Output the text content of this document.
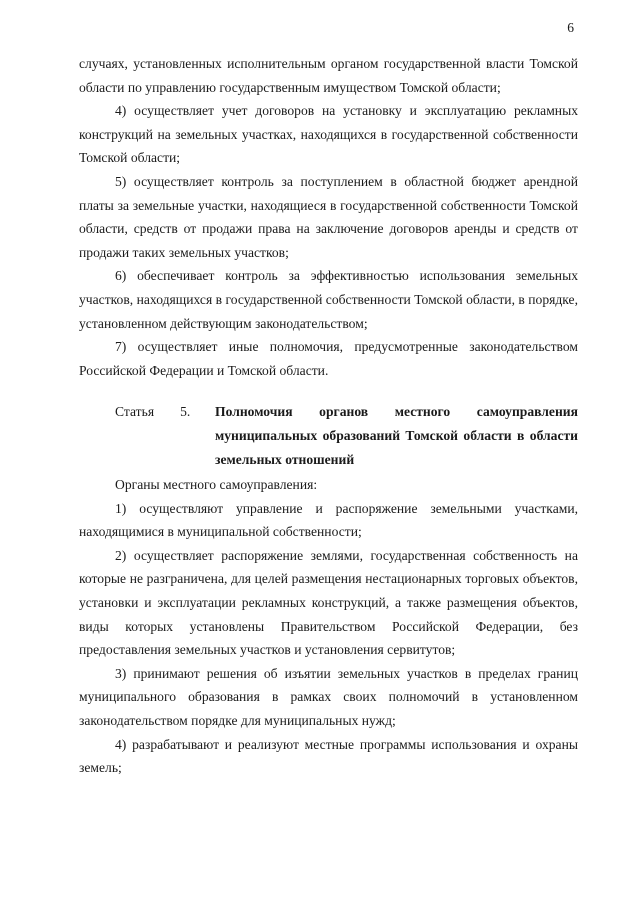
6

случаях, установленных исполнительным органом государственной власти Томской области по управлению государственным имуществом Томской области;

4) осуществляет учет договоров на установку и эксплуатацию рекламных конструкций на земельных участках, находящихся в государственной собственности Томской области;

5) осуществляет контроль за поступлением в областной бюджет арендной платы за земельные участки, находящиеся в государственной собственности Томской области, средств от продажи права на заключение договоров аренды и средств от продажи таких земельных участков;

6) обеспечивает контроль за эффективностью использования земельных участков, находящихся в государственной собственности Томской области, в порядке, установленном действующим законодательством;

7) осуществляет иные полномочия, предусмотренные законодательством Российской Федерации и Томской области.

Статья 5.	Полномочия органов местного самоуправления муниципальных образований Томской области в области земельных отношений

Органы местного самоуправления:

1) осуществляют управление и распоряжение земельными участками, находящимися в муниципальной собственности;

2) осуществляет распоряжение землями, государственная собственность на которые не разграничена, для целей размещения нестационарных торговых объектов, установки и эксплуатации рекламных конструкций, а также размещения объектов, виды которых установлены Правительством Российской Федерации, без предоставления земельных участков и установления сервитутов;

3) принимают решения об изъятии земельных участков в пределах границ муниципального образования в рамках своих полномочий в установленном законодательством порядке для муниципальных нужд;

4) разрабатывают и реализуют местные программы использования и охраны земель;
